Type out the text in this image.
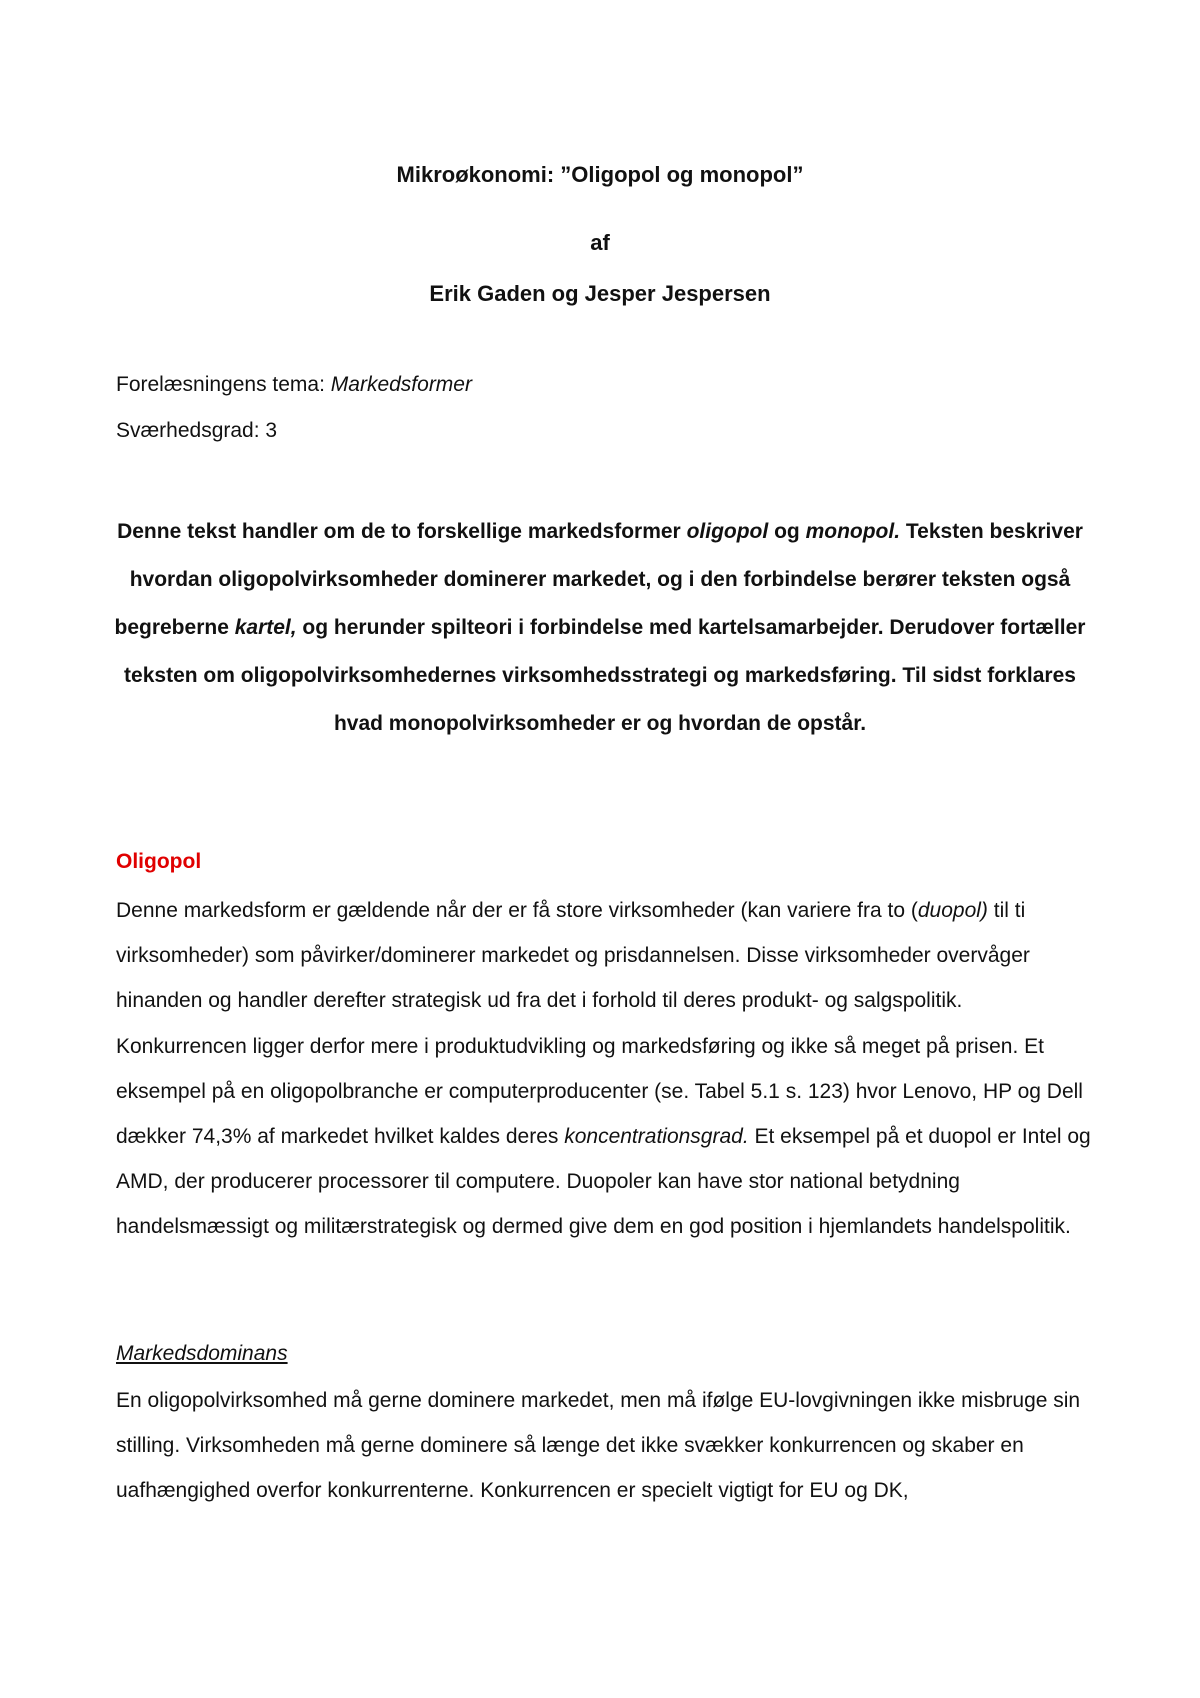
Mikroøkonomi: ”Oligopol og monopol”
af
Erik Gaden og Jesper Jespersen
Forelæsningens tema: Markedsformer
Sværhedsgrad: 3
Denne tekst handler om de to forskellige markedsformer oligopol og monopol. Teksten beskriver hvordan oligopolvirksomheder dominerer markedet, og i den forbindelse berører teksten også begreberne kartel, og herunder spilteori i forbindelse med kartelsamarbejder. Derudover fortæller teksten om oligopolvirksomhedernes virksomhedsstrategi og markedsføring. Til sidst forklares hvad monopolvirksomheder er og hvordan de opstår.
Oligopol
Denne markedsform er gældende når der er få store virksomheder (kan variere fra to (duopol) til ti virksomheder) som påvirker/dominerer markedet og prisdannelsen. Disse virksomheder overvåger hinanden og handler derefter strategisk ud fra det i forhold til deres produkt- og salgspolitik. Konkurrencen ligger derfor mere i produktudvikling og markedsføring og ikke så meget på prisen. Et eksempel på en oligopolbranche er computerproducenter (se. Tabel 5.1 s. 123) hvor Lenovo, HP og Dell dækker 74,3% af markedet hvilket kaldes deres koncentrationsgrad. Et eksempel på et duopol er Intel og AMD, der producerer processorer til computere. Duopoler kan have stor national betydning handelsmæssigt og militærstrategisk og dermed give dem en god position i hjemlandets handelspolitik.
Markedsdominans
En oligopolvirksomhed må gerne dominere markedet, men må ifølge EU-lovgivningen ikke misbruge sin stilling. Virksomheden må gerne dominere så længe det ikke svækker konkurrencen og skaber en uafhængighed overfor konkurrenterne. Konkurrencen er specielt vigtigt for EU og DK,
